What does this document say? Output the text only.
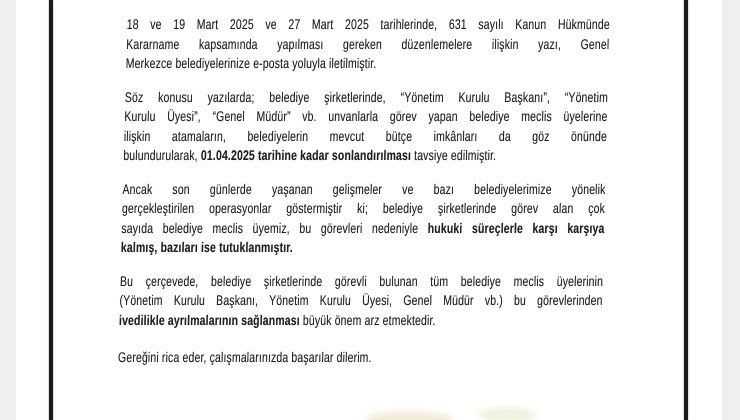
18 ve 19 Mart 2025 ve 27 Mart 2025 tarihlerinde, 631 sayılı Kanun Hükmünde
Kararname kapsamında yapılması gereken düzenlemelere ilişkin yazı, Genel
Merkezce belediyelerinize e-posta yoluyla iletilmiştir.
Söz konusu yazılarda; belediye şirketlerinde, “Yönetim Kurulu Başkanı”, “Yönetim
Kurulu Üyesi”, “Genel Müdür” vb. unvanlarla görev yapan belediye meclis üyelerine
ilişkin atamaların, belediyelerin mevcut bütçe imkânları da göz önünde
bulundurularak, 01.04.2025 tarihine kadar sonlandırılması tavsiye edilmiştir.
Ancak son günlerde yaşanan gelişmeler ve bazı belediyelerimize yönelik
gerçekleştirilen operasyonlar göstermiştir ki; belediye şirketlerinde görev alan çok
sayıda belediye meclis üyemiz, bu görevleri nedeniyle hukuki süreçlerle karşı karşıya
kalmış, bazıları ise tutuklanmıştır.
Bu çerçevede, belediye şirketlerinde görevli bulunan tüm belediye meclis üyelerinin
(Yönetim Kurulu Başkanı, Yönetim Kurulu Üyesi, Genel Müdür vb.) bu görevlerinden
ivedilikle ayrılmalarının sağlanması büyük önem arz etmektedir.
Gereğini rica eder, çalışmalarınızda başarılar dilerim.
